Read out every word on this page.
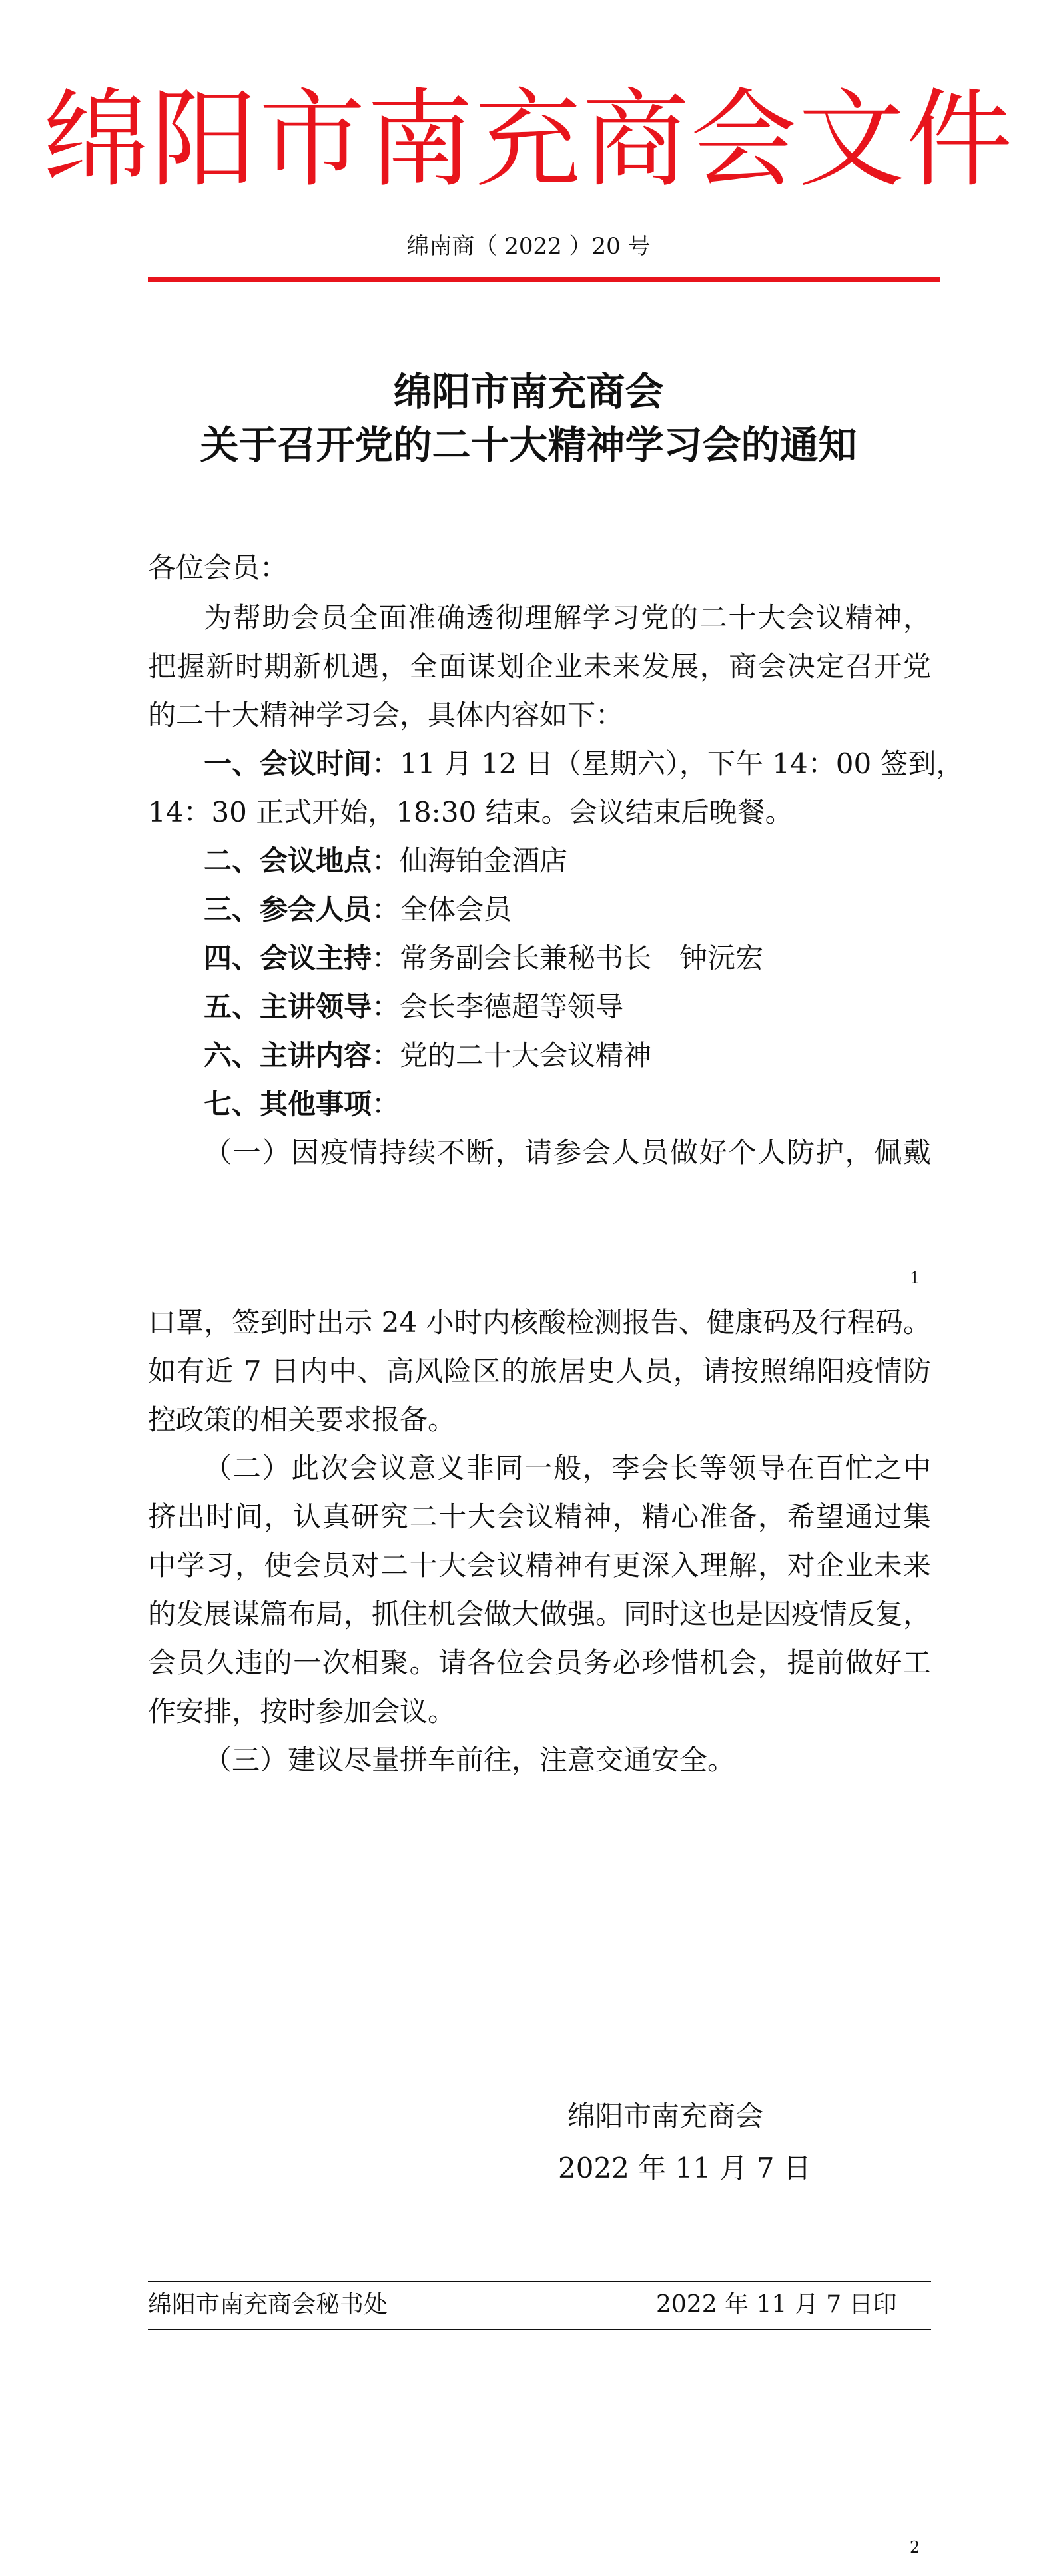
绵阳市南充商会文件
绵南商（ 2022 ）20 号
绵阳市南充商会
关于召开党的二十大精神学习会的通知
各位会员：
为帮助会员全面准确透彻理解学习党的二十大会议精神，
把握新时期新机遇，全面谋划企业未来发展，商会决定召开党
的二十大精神学习会，具体内容如下：
一、会议时间：11 月 12 日（星期六），下午 14：00 签到，
14：30 正式开始，18:30 结束。会议结束后晚餐。
二、会议地点：仙海铂金酒店
三、参会人员：全体会员
四、会议主持：常务副会长兼秘书长　钟沅宏
五、主讲领导：会长李德超等领导
六、主讲内容：党的二十大会议精神
七、其他事项：
（一）因疫情持续不断，请参会人员做好个人防护，佩戴
1
口罩，签到时出示 24 小时内核酸检测报告、健康码及行程码。
如有近 7 日内中、高风险区的旅居史人员，请按照绵阳疫情防
控政策的相关要求报备。
（二）此次会议意义非同一般，李会长等领导在百忙之中
挤出时间，认真研究二十大会议精神，精心准备，希望通过集
中学习，使会员对二十大会议精神有更深入理解，对企业未来
的发展谋篇布局，抓住机会做大做强。同时这也是因疫情反复，
会员久违的一次相聚。请各位会员务必珍惜机会，提前做好工
作安排，按时参加会议。
（三）建议尽量拼车前往，注意交通安全。
绵阳市南充商会
2022 年 11 月 7 日
绵阳市南充商会秘书处	2022 年 11 月 7 日印
2
